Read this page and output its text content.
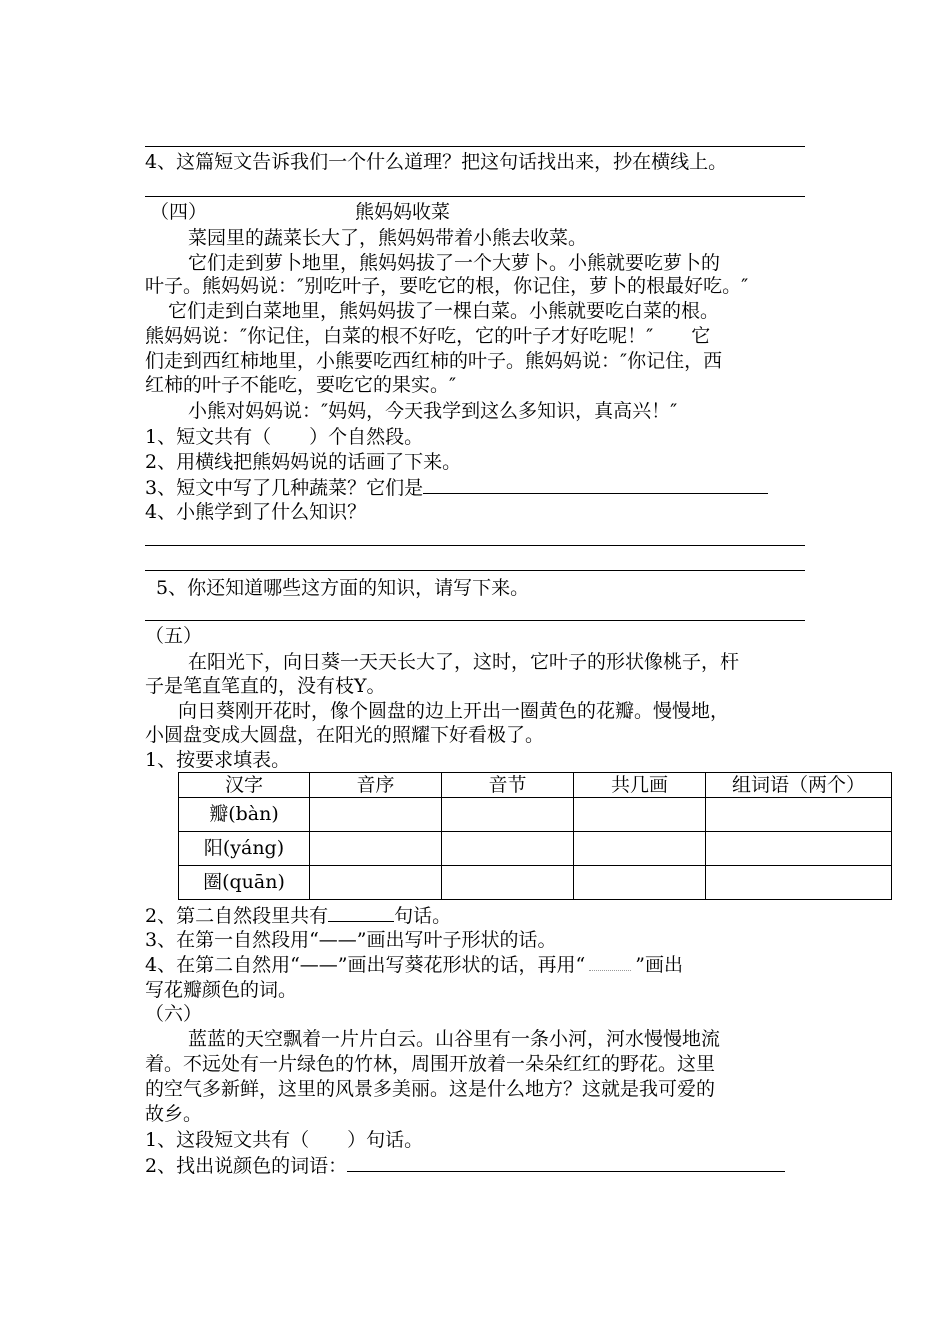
4、这篇短文告诉我们一个什么道理？把这句话找出来，抄在横线上。
（四）	熊妈妈收菜
菜园里的蔬菜长大了，熊妈妈带着小熊去收菜。
它们走到萝卜地里，熊妈妈拔了一个大萝卜。小熊就要吃萝卜的
叶子。熊妈妈说：″别吃叶子，要吃它的根，你记住，萝卜的根最好吃。″
它们走到白菜地里，熊妈妈拔了一棵白菜。小熊就要吃白菜的根。
熊妈妈说：″你记住，白菜的根不好吃，它的叶子才好吃呢！″　　它
们走到西红柿地里，小熊要吃西红柿的叶子。熊妈妈说：″你记住，西
红柿的叶子不能吃，要吃它的果实。″
小熊对妈妈说：″妈妈，今天我学到这么多知识，真高兴！″
1、短文共有（　　）个自然段。
2、用横线把熊妈妈说的话画了下来。
3、短文中写了几种蔬菜？它们是
4、小熊学到了什么知识？
5、你还知道哪些这方面的知识，请写下来。
（五）
在阳光下，向日葵一天天长大了，这时，它叶子的形状像桃子，杆
子是笔直笔直的，没有枝Y。
向日葵刚开花时，像个圆盘的边上开出一圈黄色的花瓣。慢慢地，
小圆盘变成大圆盘，在阳光的照耀下好看极了。
1、按要求填表。
汉字	音序	音节	共几画	组词语（两个）
瓣(bàn)				
阳(yáng)				
圈(quān)				
2、第二自然段里共有	句话。
3、在第一自然段用“——”画出写叶子形状的话。
4、在第二自然用“——”画出写葵花形状的话，再用“	”画出
写花瓣颜色的词。
（六）
蓝蓝的天空飘着一片片白云。山谷里有一条小河，河水慢慢地流
着。不远处有一片绿色的竹林，周围开放着一朵朵红红的野花。这里
的空气多新鲜，这里的风景多美丽。这是什么地方？这就是我可爱的
故乡。
1、这段短文共有（　　）句话。
2、找出说颜色的词语：
